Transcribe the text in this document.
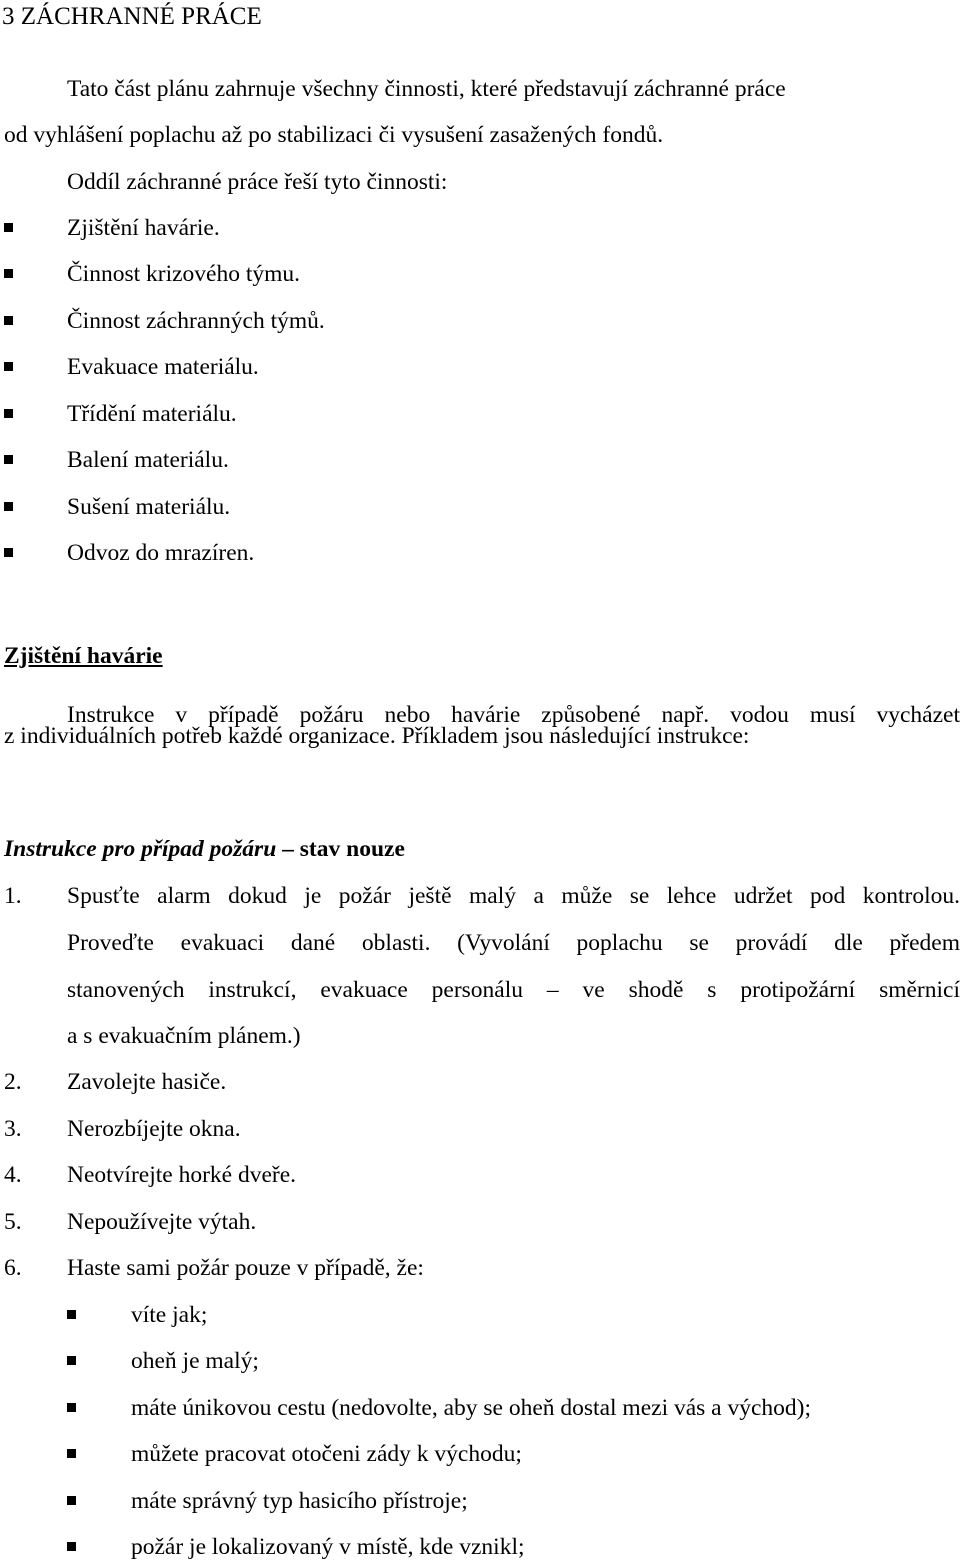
3 ZÁCHRANNÉ PRÁCE
Tato část plánu zahrnuje všechny činnosti, které představují záchranné práce
od vyhlášení poplachu až po stabilizaci či vysušení zasažených fondů.
Oddíl záchranné práce řeší tyto činnosti:
Zjištění havárie.
Činnost krizového týmu.
Činnost záchranných týmů.
Evakuace materiálu.
Třídění materiálu.
Balení materiálu.
Sušení materiálu.
Odvoz do mrazíren.
Zjištění havárie
Instrukce v případě požáru nebo havárie způsobené např. vodou musí vycházet
z individuálních potřeb každé organizace. Příkladem jsou následující instrukce:
Instrukce pro případ požáru – stav nouze
1. Spusťte alarm dokud je požár ještě malý a může se lehce udržet pod kontrolou.
Proveďte evakuaci dané oblasti. (Vyvolání poplachu se provádí dle předem
stanovených instrukcí, evakuace personálu – ve shodě s protipožární směrnicí
a s evakuačním plánem.)
2. Zavolejte hasiče.
3. Nerozbíjejte okna.
4. Neotvírejte horké dveře.
5. Nepoužívejte výtah.
6. Haste sami požár pouze v případě, že:
víte jak;
oheň je malý;
máte únikovou cestu (nedovolte, aby se oheň dostal mezi vás a východ);
můžete pracovat otočeni zády k východu;
máte správný typ hasicího přístroje;
požár je lokalizovaný v místě, kde vznikl;
